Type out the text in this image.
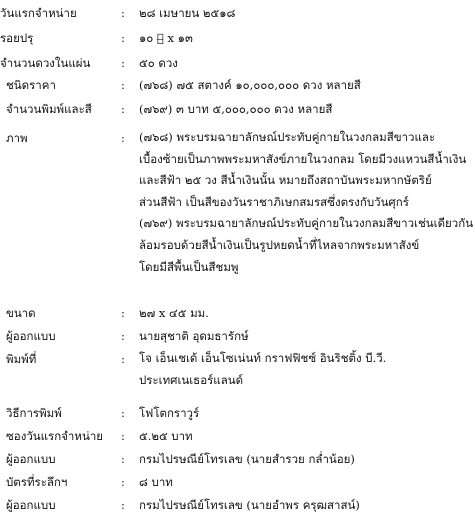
วันแรกจำหน่าย	: ๒๘ เมษายน ๒๕๑๘
รอยปรุ	: ๑๐ ๒̶ x ๑๓
จำนวนดวงในแผ่น	: ๕๐ ดวง
ชนิดราคา	: (๗๖๘) ๗๕ สตางค์ ๑๐,๐๐๐,๐๐๐ ดวง หลายสี
จำนวนพิมพ์และสี	: (๗๖๙) ๓ บาท ๕,๐๐๐,๐๐๐ ดวง หลายสี
ภาพ	: (๗๖๘) พระบรมฉายาลักษณ์ประทับคู่กายในวงกลมสีขาวและ
เบื้องซ้ายเป็นภาพพระมหาสังข์ภายในวงกลม โดยมีวงแหวนสีน้ำเงิน
และสีฟ้า ๒๕ วง สีน้ำเงินนั้น หมายถึงสถาบันพระมหากษัตริย์
ส่วนสีฟ้า เป็นสีของวันราชาภิเษกสมรสซึ่งตรงกับวันศุกร์
(๗๖๙) พระบรมฉายาลักษณ์ประทับคู่กายในวงกลมสีขาวเช่นเดียวกัน
ล้อมรอบด้วยสีน้ำเงินเป็นรูปหยดน้ำที่ไหลจากพระมหาสังข์
โดยมีสีพื้นเป็นสีชมพู
ขนาด	: ๒๗ x ๔๕ มม.
ผู้ออกแบบ	: นายสุชาติ อุดมธารักษ์
พิมพ์ที่	: โจ เอ็นเชเด้ เอ็นโซเน่นท์ กราฟฟิชซ์ อินริชติ้ง บี.วี.
ประเทศเนเธอร์แลนด์
วิธีการพิมพ์	: โฟโตกราวูร์
ซองวันแรกจำหน่าย : ๕.๒๕ บาท
ผู้ออกแบบ	: กรมไปรษณีย์โทรเลข (นายสำรวย กล่ำน้อย)
บัตรที่ระลึกฯ	: ๘ บาท
ผู้ออกแบบ	: กรมไปรษณีย์โทรเลข (นายอำพร ครุฒสาสน์)
